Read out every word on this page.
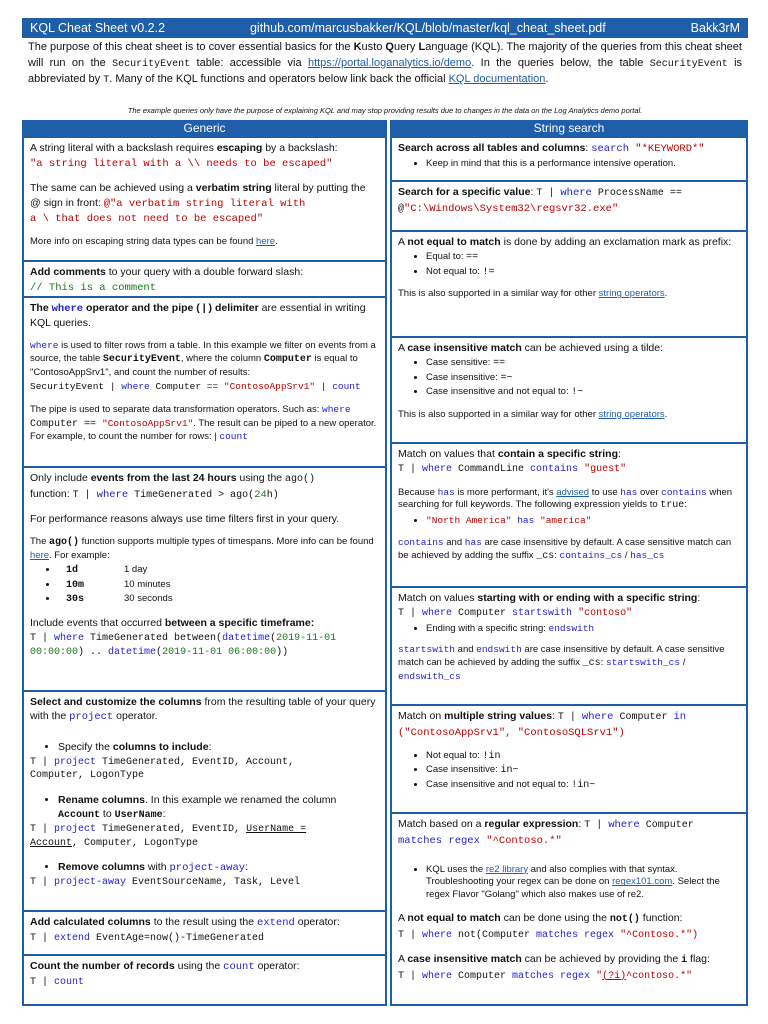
KQL Cheat Sheet v0.2.2	github.com/marcusbakker/KQL/blob/master/kql_cheat_sheet.pdf	Bakk3rM
The purpose of this cheat sheet is to cover essential basics for the Kusto Query Language (KQL). The majority of the queries from this cheat sheet will run on the SecurityEvent table: accessible via https://portal.loganalytics.io/demo. In the queries below, the table SecurityEvent is abbreviated by T. Many of the KQL functions and operators below link back the official KQL documentation.
The example queries only have the purpose of explaining KQL and may stop providing results due to changes in the data on the Log Analytics demo portal.
Generic

A string literal with a backslash requires escaping by a backslash:

"a string literal with a \\ needs to be escaped"

The same can be achieved using a verbatim string literal by putting the @ sign in front: @"a verbatim string literal with
a \ that does not need to be escaped"

More info on escaping string data types can be found here.

Add comments to your query with a double forward slash:

// This is a comment

The where operator and the pipe ( | ) delimiter are essential in writing KQL queries.

where is used to filter rows from a table. In this example we filter on events from a source, the table SecurityEvent, where the column Computer is equal to "ContosoAppSrv1", and count the number of results:

SecurityEvent | where Computer == "ContosoAppSrv1" | count

The pipe is used to separate data transformation operators. Such as: where Computer == "ContosoAppSrv1". The result can be piped to a new operator. For example, to count the number for rows: | count

Only include events from the last 24 hours using the ago()
function: T | where TimeGenerated > ago(24h)

For performance reasons always use time filters first in your query.

The ago() function supports multiple types of timespans. More info can be found here. For example:

• 1d	1 day
• 10m	10 minutes
• 30s	30 seconds

Include events that occurred between a specific timeframe:

T | where TimeGenerated between(datetime(2019-11-01
00:00:00) .. datetime(2019-11-01 06:00:00))

Select and customize the columns from the resulting table of your query with the project operator.

• Specify the columns to include:

T | project TimeGenerated, EventID, Account,
Computer, LogonType

• Rename columns. In this example we renamed the column Account to UserName:

T | project TimeGenerated, EventID, UserName =
Account, Computer, LogonType

• Remove columns with project-away:

T | project-away EventSourceName, Task, Level

Add calculated columns to the result using the extend operator:

T | extend EventAge=now()-TimeGenerated

Count the number of records using the count operator:

T | count

String search

Search across all tables and columns: search "*KEYWORD*"

• Keep in mind that this is a performance intensive operation.

Search for a specific value: T | where ProcessName ==
@"C:\Windows\System32\regsvr32.exe"

A not equal to match is done by adding an exclamation mark as prefix:

• Equal to: ==
• Not equal to: !=

This is also supported in a similar way for other string operators.

A case insensitive match can be achieved using a tilde:

• Case sensitive: ==
• Case insensitive: =~
• Case insensitive and not equal to: !~

This is also supported in a similar way for other string operators.

Match on values that contain a specific string:

T | where CommandLine contains "guest"

Because has is more performant, it's advised to use has over contains when searching for full keywords. The following expression yields to true:

• "North America" has "america"

contains and has are case insensitive by default. A case sensitive match can be achieved by adding the suffix _cs: contains_cs / has_cs

Match on values starting with or ending with a specific string:

T | where Computer startswith "contoso"

• Ending with a specific string: endswith

startswith and endswith are case insensitive by default. A case sensitive match can be achieved by adding the suffix _cs: startswith_cs / endswith_cs

Match on multiple string values: T | where Computer in
("ContosoAppSrv1", "ContosoSQLSrv1")

• Not equal to: !in
• Case insensitive: in~
• Case insensitive and not equal to: !in~

Match based on a regular expression: T | where Computer
matches regex "^Contoso.*"

• KQL uses the re2 library and also complies with that syntax. Troubleshooting your regex can be done on regex101.com. Select the regex Flavor "Golang" which also makes use of re2.

A not equal to match can be done using the not() function:

T | where not(Computer matches regex "^Contoso.*")

A case insensitive match can be achieved by providing the i flag:

T | where Computer matches regex "(?i)^contoso.*"
